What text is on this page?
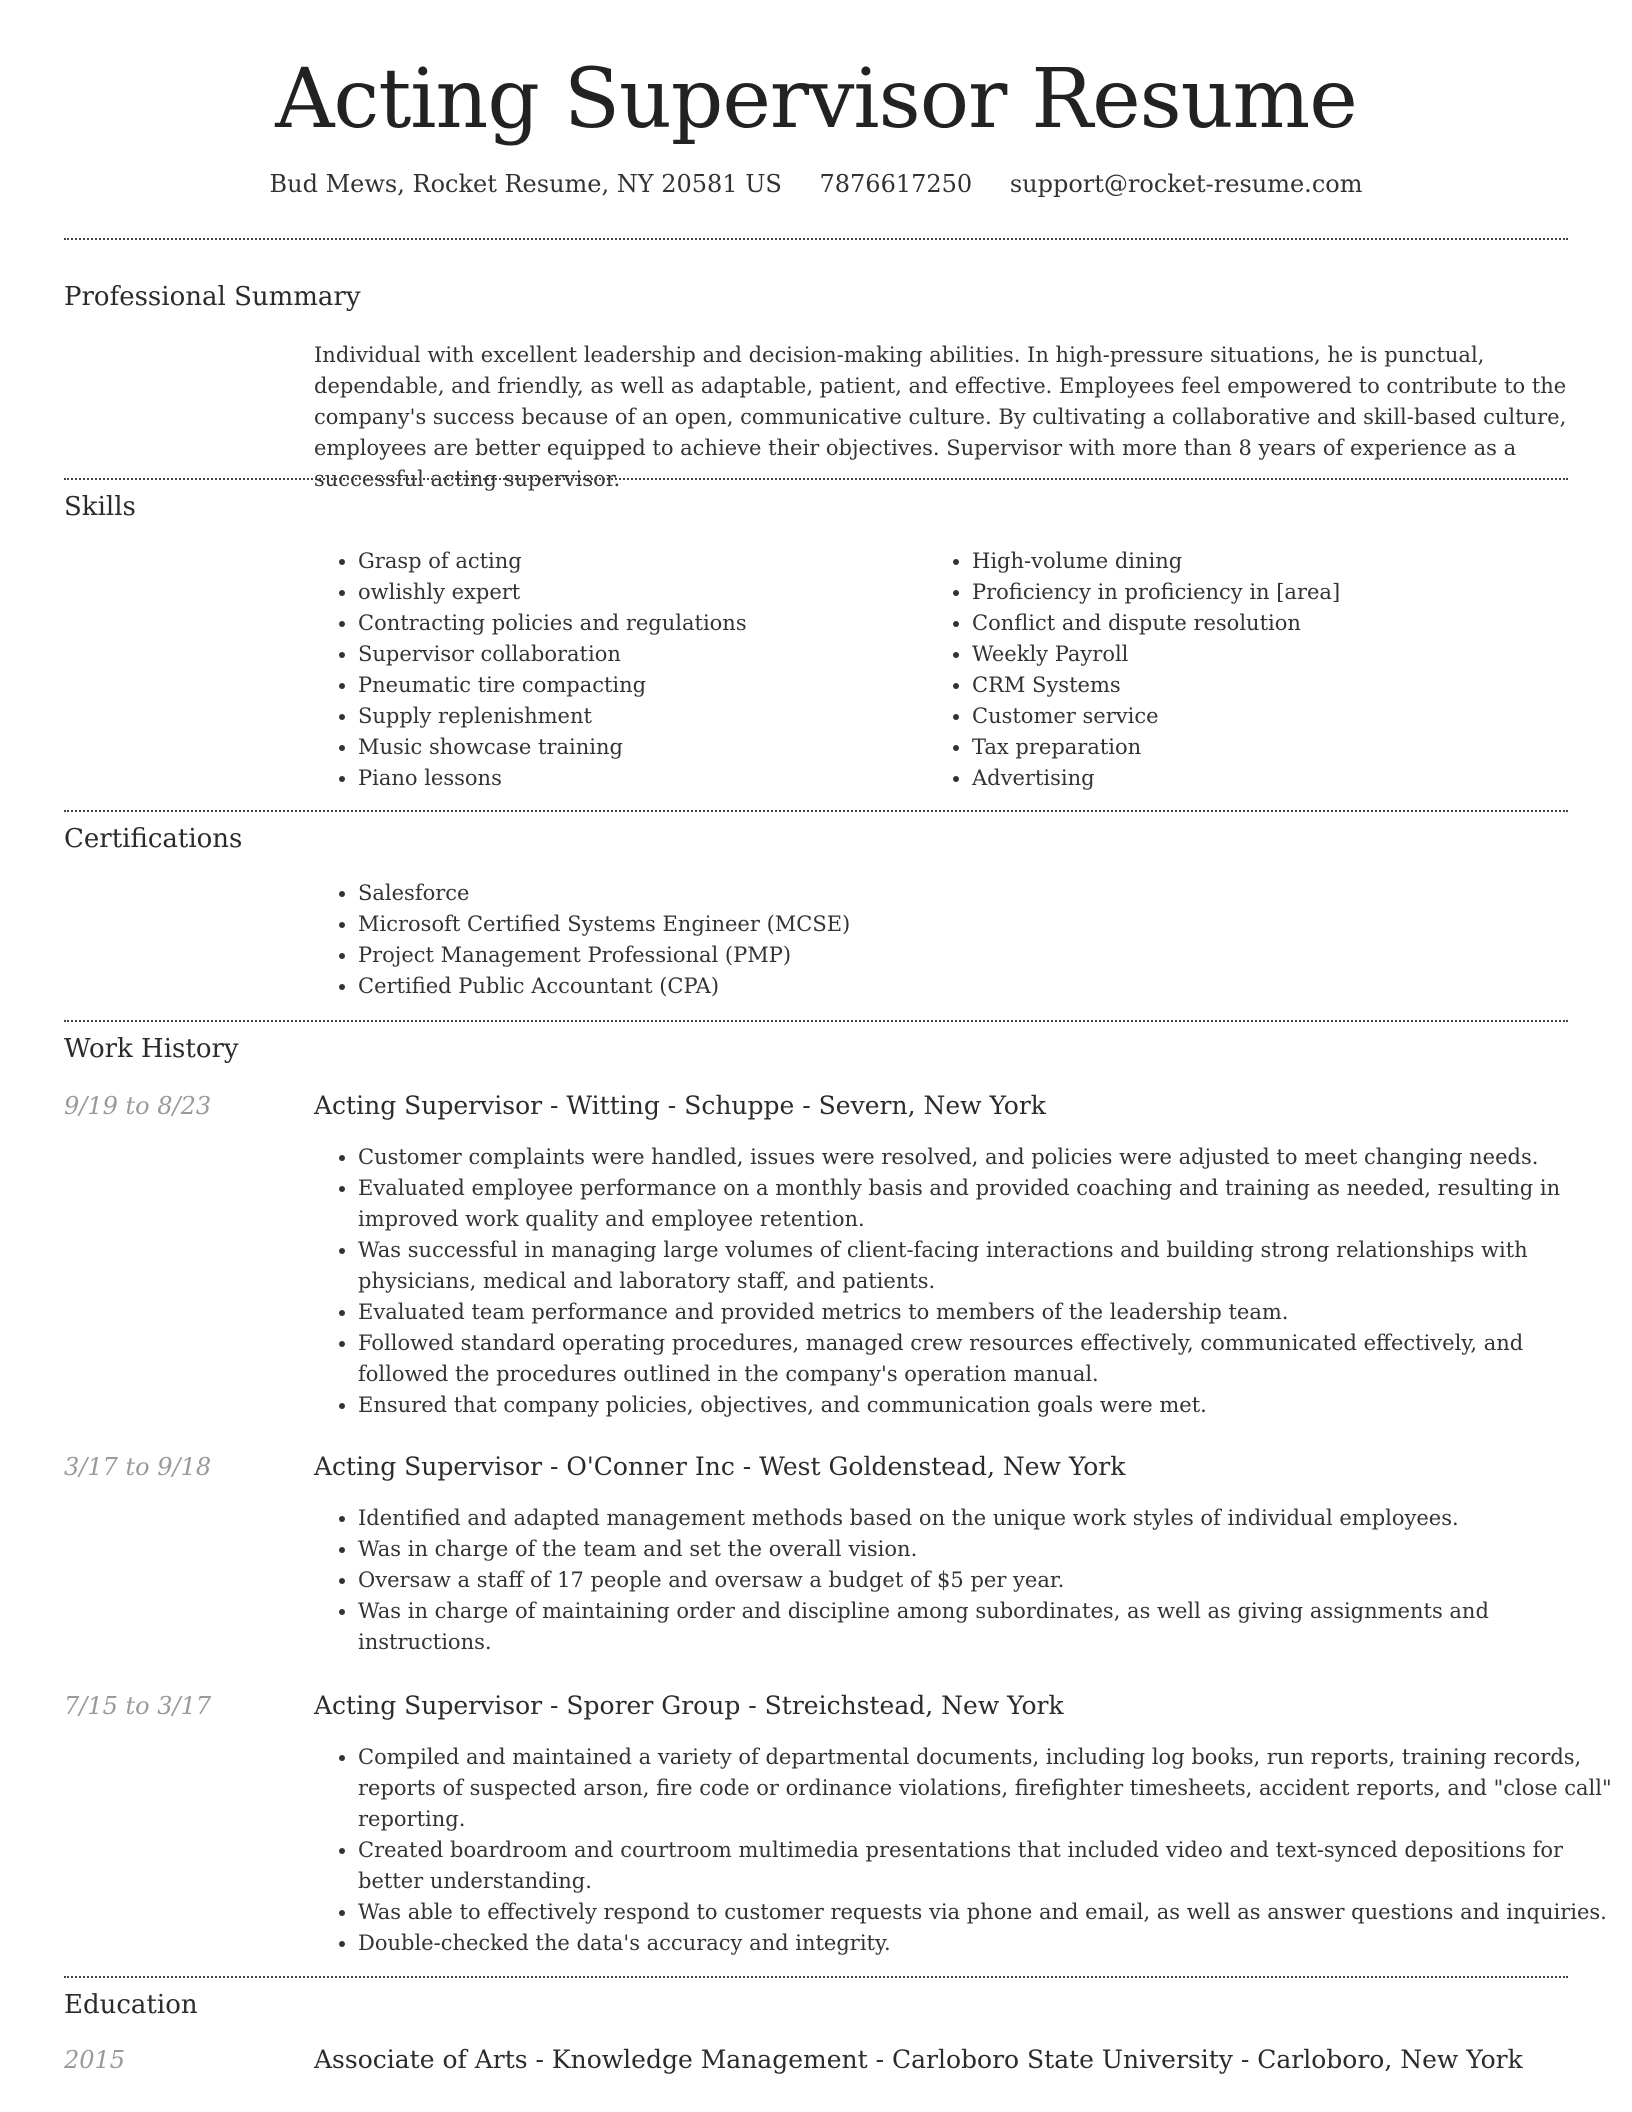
Acting Supervisor Resume
Bud Mews, Rocket Resume, NY 20581 US 7876617250 support@rocket-resume.com
Professional Summary

Individual with excellent leadership and decision-making abilities. In high-pressure situations, he is punctual, dependable, and friendly, as well as adaptable, patient, and effective. Employees feel empowered to contribute to the company's success because of an open, communicative culture. By cultivating a collaborative and skill-based culture, employees are better equipped to achieve their objectives. Supervisor with more than 8 years of experience as a successful acting supervisor.

Skills
• Grasp of acting
• owlishly expert
• Contracting policies and regulations
• Supervisor collaboration
• Pneumatic tire compacting
• Supply replenishment
• Music showcase training
• Piano lessons
• High-volume dining
• Proficiency in proficiency in [area]
• Conflict and dispute resolution
• Weekly Payroll
• CRM Systems
• Customer service
• Tax preparation
• Advertising
Certifications
• Salesforce
• Microsoft Certified Systems Engineer (MCSE)
• Project Management Professional (PMP)
• Certified Public Accountant (CPA)
Work History
9/19 to 8/23	Acting Supervisor - Witting - Schuppe - Severn, New York
• Customer complaints were handled, issues were resolved, and policies were adjusted to meet changing needs.
• Evaluated employee performance on a monthly basis and provided coaching and training as needed, resulting in improved work quality and employee retention.
• Was successful in managing large volumes of client-facing interactions and building strong relationships with physicians, medical and laboratory staff, and patients.
• Evaluated team performance and provided metrics to members of the leadership team.
• Followed standard operating procedures, managed crew resources effectively, communicated effectively, and followed the procedures outlined in the company's operation manual.
• Ensured that company policies, objectives, and communication goals were met.
3/17 to 9/18	Acting Supervisor - O'Conner Inc - West Goldenstead, New York
• Identified and adapted management methods based on the unique work styles of individual employees.
• Was in charge of the team and set the overall vision.
• Oversaw a staff of 17 people and oversaw a budget of $5 per year.
• Was in charge of maintaining order and discipline among subordinates, as well as giving assignments and instructions.
7/15 to 3/17	Acting Supervisor - Sporer Group - Streichstead, New York
• Compiled and maintained a variety of departmental documents, including log books, run reports, training records, reports of suspected arson, fire code or ordinance violations, firefighter timesheets, accident reports, and "close call" reporting.
• Created boardroom and courtroom multimedia presentations that included video and text-synced depositions for better understanding.
• Was able to effectively respond to customer requests via phone and email, as well as answer questions and inquiries.
• Double-checked the data's accuracy and integrity.
Education
2015	Associate of Arts - Knowledge Management - Carloboro State University - Carloboro, New York
